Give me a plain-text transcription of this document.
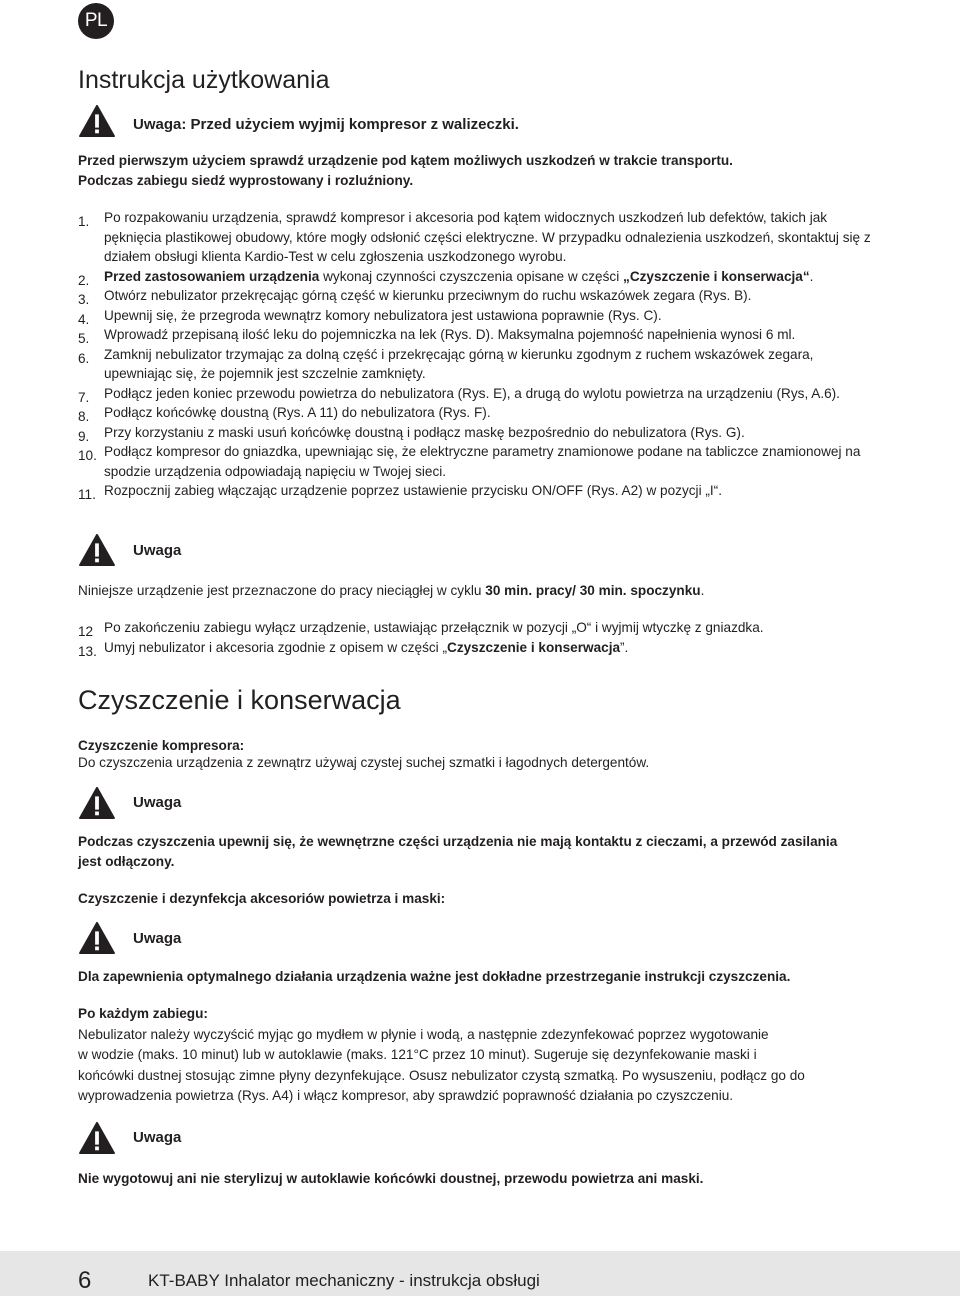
PL
Instrukcja użytkowania
Uwaga: Przed użyciem wyjmij kompresor z walizeczki.
Przed pierwszym użyciem sprawdź urządzenie pod kątem możliwych uszkodzeń w trakcie transportu.
Podczas zabiegu siedź wyprostowany i rozluźniony.
1. Po rozpakowaniu urządzenia, sprawdź kompresor i akcesoria pod kątem widocznych uszkodzeń lub defektów, takich jak pęknięcia plastikowej obudowy, które mogły odsłonić części elektryczne. W przypadku odnalezienia uszkodzeń, skontaktuj się z działem obsługi klienta Kardio-Test w celu zgłoszenia uszkodzonego wyrobu.
2. Przed zastosowaniem urządzenia wykonaj czynności czyszczenia opisane w części „Czyszczenie i konserwacja“.
3. Otwórz nebulizator przekręcając górną część w kierunku przeciwnym do ruchu wskazówek zegara (Rys. B).
4. Upewnij się, że przegroda wewnątrz komory nebulizatora jest ustawiona poprawnie (Rys. C).
5. Wprowadź przepisaną ilość leku do pojemniczka na lek (Rys. D). Maksymalna pojemność napełnienia wynosi 6 ml.
6. Zamknij nebulizator trzymając za dolną część i przekręcając górną w kierunku zgodnym z ruchem wskazówek zegara, upewniając się, że pojemnik jest szczelnie zamknięty.
7. Podłącz jeden koniec przewodu powietrza do nebulizatora (Rys. E), a drugą do wylotu powietrza na urządzeniu (Rys, A.6).
8. Podłącz końcówkę doustną (Rys. A 11) do nebulizatora (Rys. F).
9. Przy korzystaniu z maski usuń końcówkę doustną i podłącz maskę bezpośrednio do nebulizatora (Rys. G).
10. Podłącz kompresor do gniazdka, upewniając się, że elektryczne parametry znamionowe podane na tabliczce znamionowej na spodzie urządzenia odpowiadają napięciu w Twojej sieci.
11. Rozpocznij zabieg włączając urządzenie poprzez ustawienie przycisku ON/OFF (Rys. A2) w pozycji „I“.
Uwaga
Niniejsze urządzenie jest przeznaczone do pracy nieciągłej w cyklu 30 min. pracy/ 30 min. spoczynku.
12 Po zakończeniu zabiegu wyłącz urządzenie, ustawiając przełącznik w pozycji „O“ i wyjmij wtyczkę z gniazdka.
13. Umyj nebulizator i akcesoria zgodnie z opisem w części „Czyszczenie i konserwacja”.
Czyszczenie i konserwacja
Czyszczenie kompresora:
Do czyszczenia urządzenia z zewnątrz używaj czystej suchej szmatki i łagodnych detergentów.
Uwaga
Podczas czyszczenia upewnij się, że wewnętrzne części urządzenia nie mają kontaktu z cieczami, a przewód zasilania jest odłączony.
Czyszczenie i dezynfekcja akcesoriów powietrza i maski:
Uwaga
Dla zapewnienia optymalnego działania urządzenia ważne jest dokładne przestrzeganie instrukcji czyszczenia.
Po każdym zabiegu:
Nebulizator należy wyczyścić myjąc go mydłem w płynie i wodą, a następnie zdezynfekować poprzez wygotowanie
w wodzie (maks. 10 minut) lub w autoklawie (maks. 121°C przez 10 minut). Sugeruje się dezynfekowanie maski i
końcówki dustnej stosując zimne płyny dezynfekujące. Osusz nebulizator czystą szmatką. Po wysuszeniu, podłącz go do
wyprowadzenia powietrza (Rys. A4) i włącz kompresor, aby sprawdzić poprawność działania po czyszczeniu.
Uwaga
Nie wygotowuj ani nie sterylizuj w autoklawie końcówki doustnej, przewodu powietrza ani maski.
6	KT-BABY Inhalator mechaniczny - instrukcja obsługi
